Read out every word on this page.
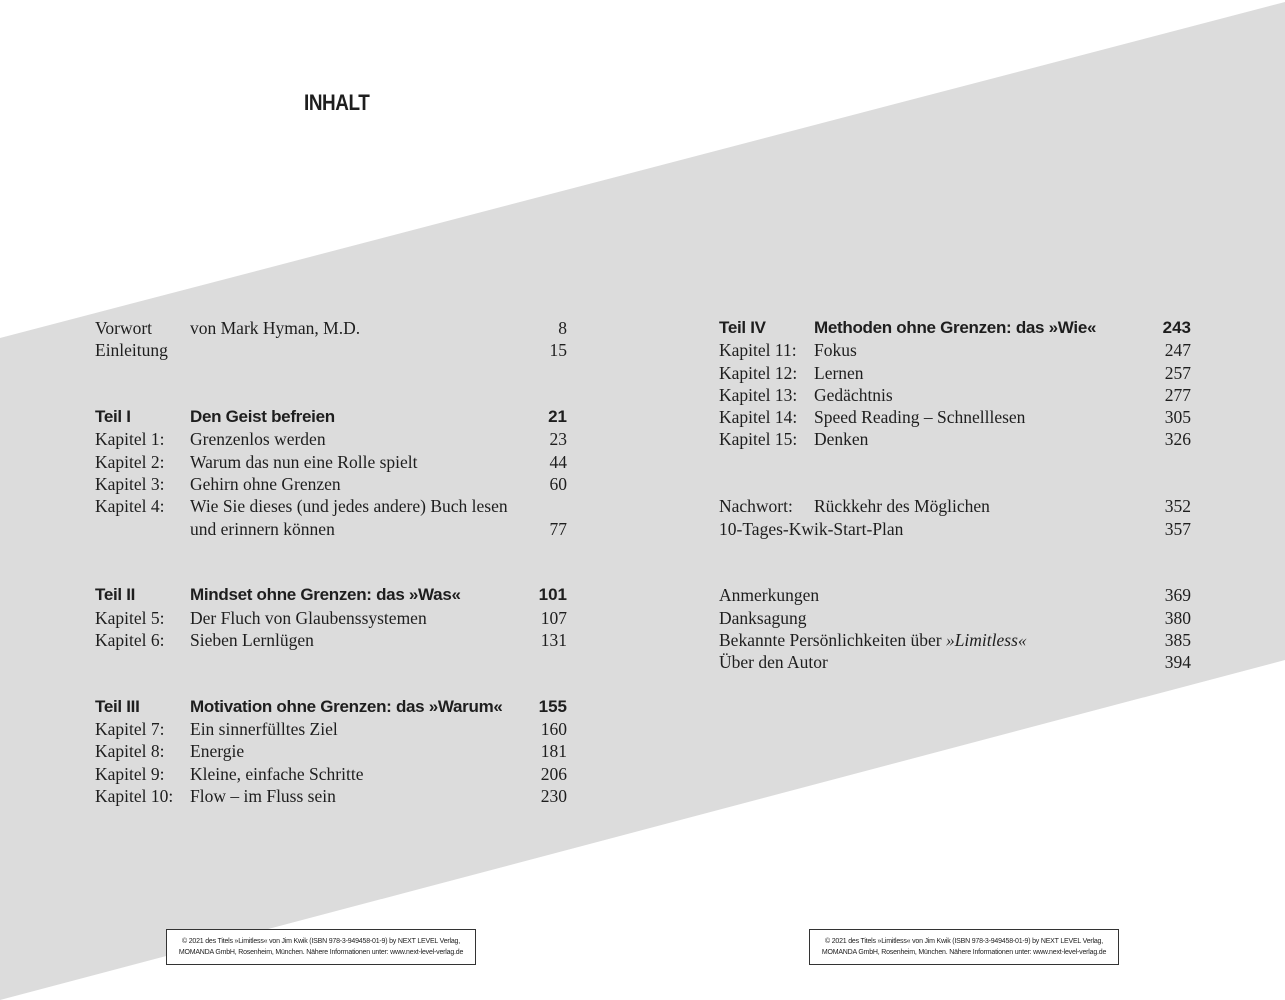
INHALT
Vorwort von Mark Hyman, M.D.	8
Einleitung	15
Teil I	Den Geist befreien	21
Kapitel 1: Grenzenlos werden	23
Kapitel 2: Warum das nun eine Rolle spielt	44
Kapitel 3: Gehirn ohne Grenzen	60
Kapitel 4: Wie Sie dieses (und jedes andere) Buch lesen
und erinnern können	77
Teil II	Mindset ohne Grenzen: das »Was«	101
Kapitel 5: Der Fluch von Glaubenssystemen	107
Kapitel 6: Sieben Lernlügen	131
Teil III	Motivation ohne Grenzen: das »Warum« 155
Kapitel 7: Ein sinnerfülltes Ziel	160
Kapitel 8: Energie	181
Kapitel 9: Kleine, einfache Schritte	206
Kapitel 10: Flow – im Fluss sein	230
© 2021 des Titels »Limitless« von Jim Kwik (ISBN 978-3-949458-01-9) by NEXT LEVEL Verlag,
MOMANDA GmbH, Rosenheim, München. Nähere Informationen unter: www.next-level-verlag.de
Teil IV	Methoden ohne Grenzen: das »Wie«	243
Kapitel 11: Fokus	247
Kapitel 12: Lernen	257
Kapitel 13: Gedächtnis	277
Kapitel 14: Speed Reading – Schnelllesen	305
Kapitel 15: Denken	326
Nachwort: Rückkehr des Möglichen	352
10-Tages-Kwik-Start-Plan	357
Anmerkungen	369
Danksagung	380
Bekannte Persönlichkeiten über »Limitless«	385
Über den Autor	394
© 2021 des Titels »Limitless« von Jim Kwik (ISBN 978-3-949458-01-9) by NEXT LEVEL Verlag,
MOMANDA GmbH, Rosenheim, München. Nähere Informationen unter: www.next-level-verlag.de
